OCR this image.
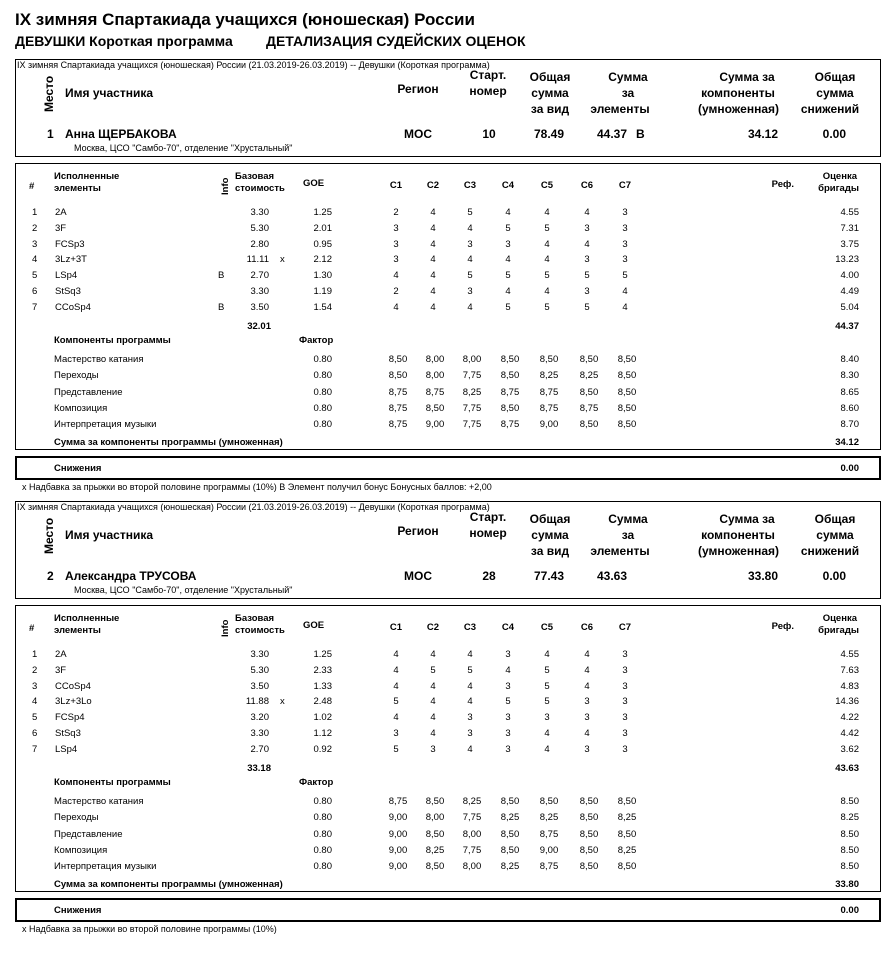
IX зимняя Спартакиада учащихся (юношеская) России
ДЕВУШКИ Короткая программа ДЕТАЛИЗАЦИЯ СУДЕЙСКИХ ОЦЕНОК
IX зимняя Спартакиада учащихся (юношеская) России (21.03.2019-26.03.2019) -- Девушки (Короткая программа)
Место Имя участника	Регион
Старт.
номер
Общая
сумма
за вид
Сумма
за
элементы
Сумма за
компоненты
(умноженная)
Общая
сумма
снижений
1 Анна ЩЕРБАКОВА
Москва, ЦСО "Самбо-70", отделение "Хрустальный"
МОС	10	78.49	44.37 B	34.12	0.00
#
Исполненные
элементы	Info
Базовая
стоимость GOE	C1	C2	C3	C4	C5	C6	C7	Реф.
Оценка
бригады
1 2A	3.30	1.25	2	4	5	4	4	4	3	4.55
2 3F	5.30	2.01	3	4	4	5	5	3	3	7.31
3 FCSp3	2.80	0.95	3	4	3	3	4	4	3	3.75
4 3Lz+3T	11.11 x	2.12	3	4	4	4	4	3	3	13.23
5 LSp4	B	2.70	1.30	4	4	5	5	5	5	5	4.00
6 StSq3	3.30	1.19	2	4	3	4	4	3	4	4.49
7 CCoSp4	B	3.50	1.54	4	4	4	5	5	5	4	5.04
32.01	44.37
Компоненты программы	Фактор
Мастерство катания	0.80	8,50	8,00	8,00	8,50	8,50	8,50	8,50	8.40
Переходы	0.80	8,50	8,00	7,75	8,50	8,25	8,25	8,50	8.30
Представление	0.80	8,75	8,75	8,25	8,75	8,75	8,50	8,50	8.65
Композиция	0.80	8,75	8,50	7,75	8,50	8,75	8,75	8,50	8.60
Интерпретация музыки	0.80	8,75	9,00	7,75	8,75	9,00	8,50	8,50	8.70
Сумма за компоненты программы (умноженная)	34.12
Снижения	0.00
x Надбавка за прыжки во второй половине программы (10%) B Элемент получил бонус Бонусных баллов: +2,00
IX зимняя Спартакиада учащихся (юношеская) России (21.03.2019-26.03.2019) -- Девушки (Короткая программа)
Место Имя участника	Регион
Старт.
номер
Общая
сумма
за вид
Сумма
за
элементы
Сумма за
компоненты
(умноженная)
Общая
сумма
снижений
2 Александра ТРУСОВА
Москва, ЦСО "Самбо-70", отделение "Хрустальный"
МОС	28	77.43	43.63	33.80	0.00
#
Исполненные
элементы	Info
Базовая
стоимость GOE	C1	C2	C3	C4	C5	C6	C7	Реф.
Оценка
бригады
1 2A	3.30	1.25	4	4	4	3	4	4	3	4.55
2 3F	5.30	2.33	4	5	5	4	5	4	3	7.63
3 CCoSp4	3.50	1.33	4	4	4	3	5	4	3	4.83
4 3Lz+3Lo	11.88 x	2.48	5	4	4	5	5	3	3	14.36
5 FCSp4	3.20	1.02	4	4	3	3	3	3	3	4.22
6 StSq3	3.30	1.12	3	4	3	3	4	4	3	4.42
7 LSp4	2.70	0.92	5	3	4	3	4	3	3	3.62
33.18	43.63
Компоненты программы	Фактор
Мастерство катания	0.80	8,75	8,50	8,25	8,50	8,50	8,50	8,50	8.50
Переходы	0.80	9,00	8,00	7,75	8,25	8,25	8,50	8,25	8.25
Представление	0.80	9,00	8,50	8,00	8,50	8,75	8,50	8,50	8.50
Композиция	0.80	9,00	8,25	7,75	8,50	9,00	8,50	8,25	8.50
Интерпретация музыки	0.80	9,00	8,50	8,00	8,25	8,75	8,50	8,50	8.50
Сумма за компоненты программы (умноженная)	33.80
Снижения	0.00
x Надбавка за прыжки во второй половине программы (10%)
